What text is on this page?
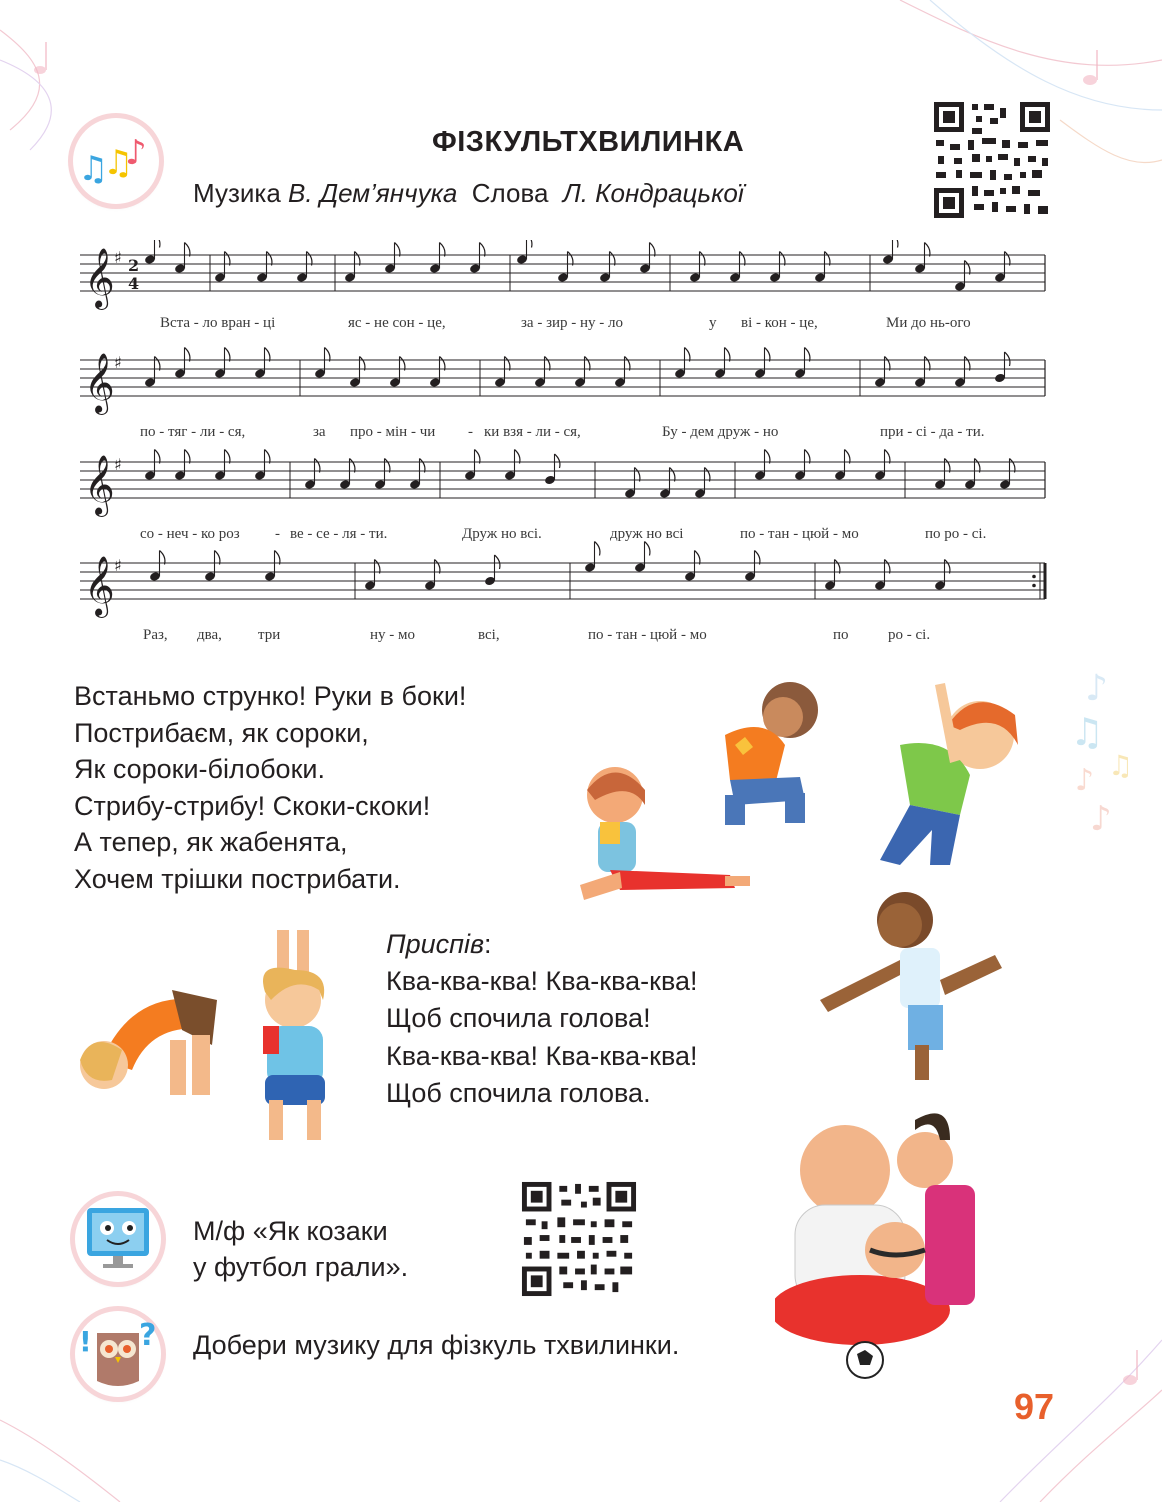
♪
♫
♪ ♫
♪
♫
♫
♪	ФІЗКУЛЬТХВИЛИНКА
Музика В. Дем’янчука Слова Л. Кондрацької
𝄞 ♯ 2
4
𝄞 ♯
𝄞 ♯
𝄞 ♯
Вста - ло вран - ці	яс - не сон - це,	за - зир - ну - ло	у ві - кон - це,	Ми до нь-ого
по - тяг - ли - ся,	за про - мін - чи - ки взя - ли - ся,	Бу - дем друж - но	при - сі - да - ти.
со - неч - ко роз - ве - се - ля - ти.	Друж но всі.	друж но всі	по - тан - цюй - мо	по ро - сі.
Раз, два, три	ну - мо	всі,	по - тан - цюй - мо	по	ро - сі.
Встаньмо струнко! Руки в боки!
Пострибаєм, як сороки,
Як сороки-білобоки.
Стрибу-стрибу! Скоки-скоки!
А тепер, як жабенята,
Хочем трішки пострибати.
Приспів:
Ква-ква-ква! Ква-ква-ква!
Щоб спочила голова!
Ква-ква-ква! Ква-ква-ква!
Щоб спочила голова.
М/ф «Як козаки
у футбол грали».
! ? Добери музику для фізкуль тхвилинки.
97
